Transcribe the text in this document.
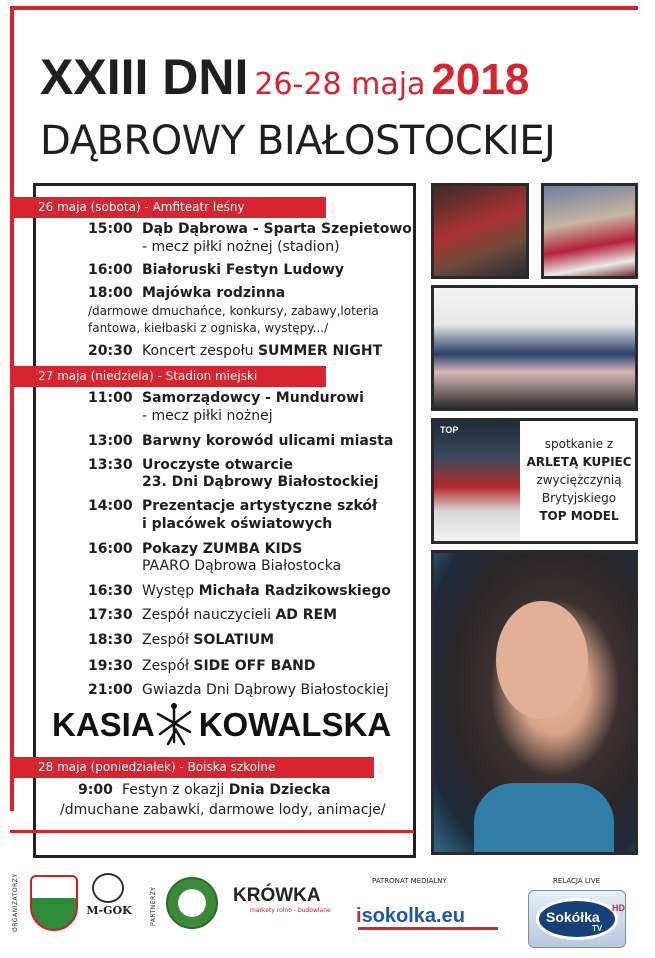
XXIII DNI 26-28 maja 2018
DĄBROWY BIAŁOSTOCKIEJ
26 maja (sobota) - Amfiteatr leśny
15:00 Dąb Dąbrowa - Sparta Szepietowo
- mecz piłki nożnej (stadion)
16:00 Białoruski Festyn Ludowy
18:00 Majówka rodzinna
/darmowe dmuchańce, konkursy, zabawy,loteria
fantowa, kiełbaski z ogniska, występy.../
20:30 Koncert zespołu SUMMER NIGHT
27 maja (niedziela) - Stadion miejski
11:00 Samorządowcy - Mundurowi
- mecz piłki nożnej
13:00 Barwny korowód ulicami miasta
13:30 Uroczyste otwarcie
23. Dni Dąbrowy Białostockiej
14:00 Prezentacje artystyczne szkół
i placówek oświatowych
16:00 Pokazy ZUMBA KIDS
PAARO Dąbrowa Białostocka
16:30 Występ Michała Radzikowskiego
17:30 Zespół nauczycieli AD REM
18:30 Zespół SOLATIUM
19:30 Zespół SIDE OFF BAND
21:00 Gwiazda Dni Dąbrowy Białostockiej
KASIA KOWALSKA
28 maja (poniedziałek) - Boiska szkolne
9:00 Festyn z okazji Dnia Dziecka
/dmuchane zabawki, darmowe lody, animacje/
TOP
spotkanie z
ARLETĄ KUPIEC
zwyciężczynią
Brytyjskiego
TOP MODEL
ORGANIZATORZY	M-GOK	PARTNERZY	KRÓWKA
markety rolno - budowlane
PATRONAT MEDIALNY
isokolka.eu
RELACJA LIVE
Sokółka
HD
TV
